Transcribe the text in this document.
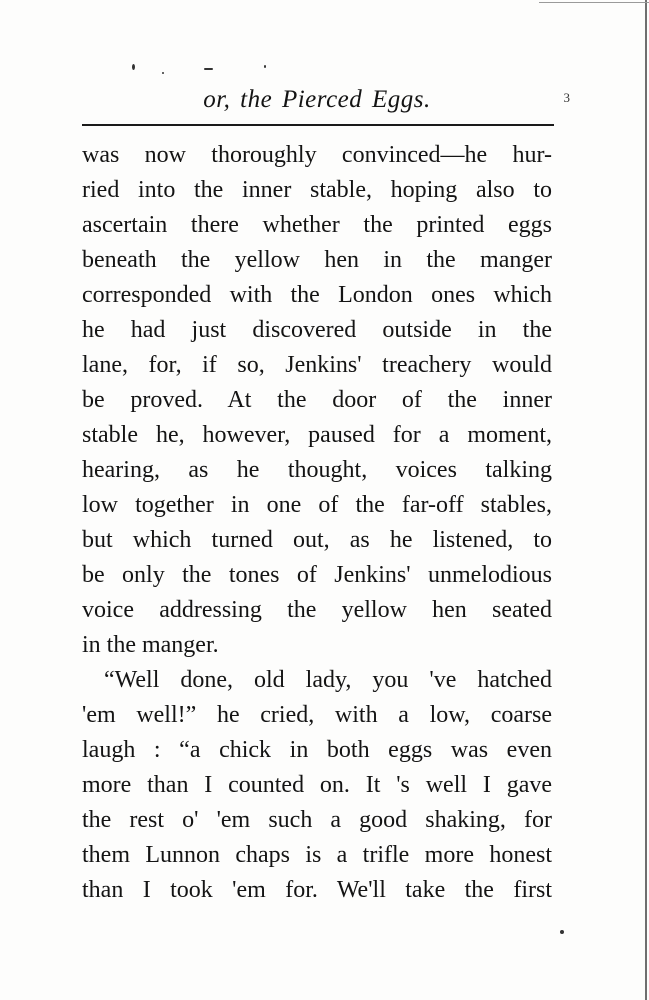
or, the Pierced Eggs.	3
was now thoroughly convinced—he hur-
ried into the inner stable, hoping also to
ascertain there whether the printed eggs
beneath the yellow hen in the manger
corresponded with the London ones which
he had just discovered outside in the
lane, for, if so, Jenkins' treachery would
be proved. At the door of the inner
stable he, however, paused for a moment,
hearing, as he thought, voices talking
low together in one of the far-off stables,
but which turned out, as he listened, to
be only the tones of Jenkins' unmelodious
voice addressing the yellow hen seated
in the manger.
“Well done, old lady, you 've hatched
'em well!” he cried, with a low, coarse
laugh : “a chick in both eggs was even
more than I counted on. It 's well I gave
the rest o' 'em such a good shaking, for
them Lunnon chaps is a trifle more honest
than I took 'em for. We'll take the first
